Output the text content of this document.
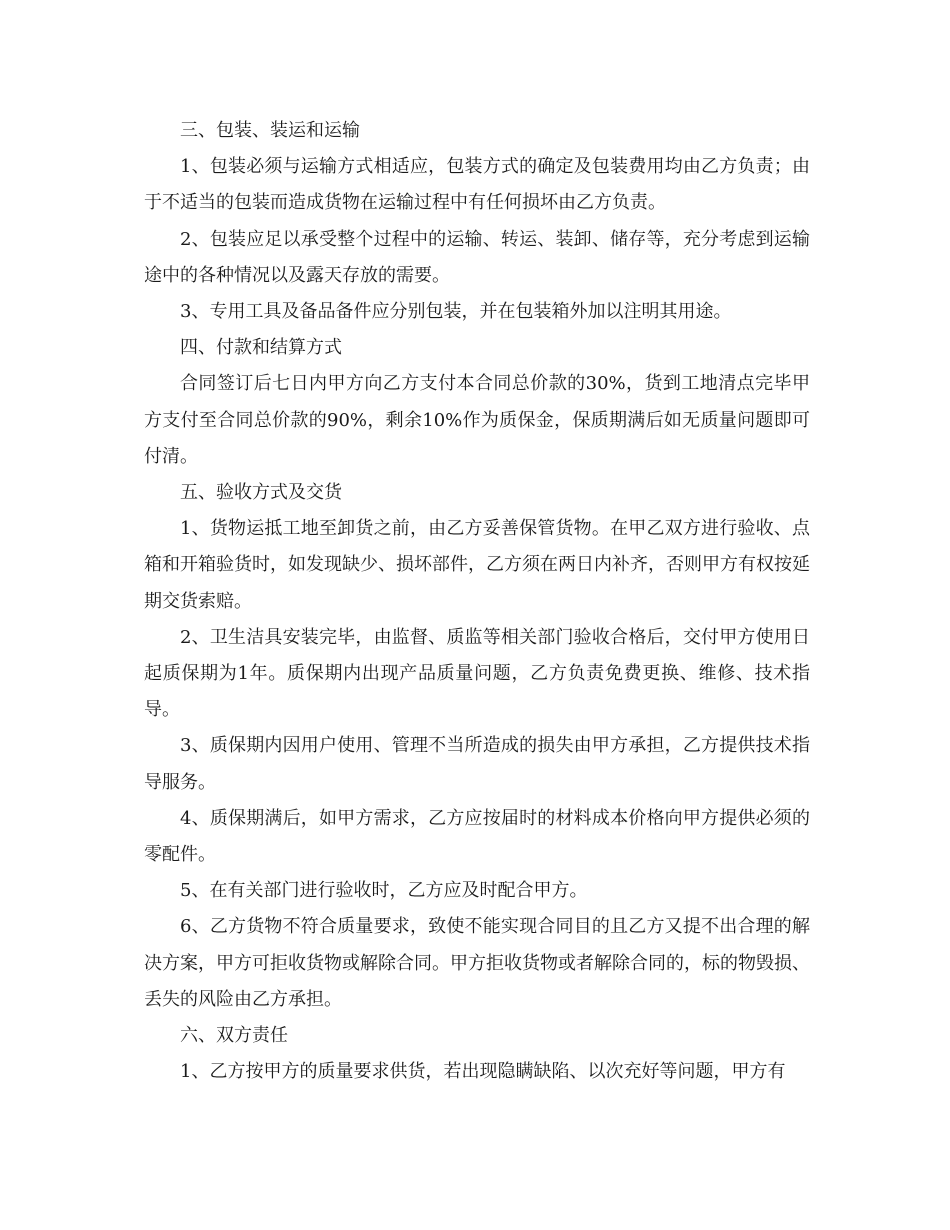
三、包装、装运和运输

1、包装必须与运输方式相适应，包装方式的确定及包装费用均由乙方负责；由于不适当的包装而造成货物在运输过程中有任何损坏由乙方负责。

2、包装应足以承受整个过程中的运输、转运、装卸、储存等，充分考虑到运输途中的各种情况以及露天存放的需要。

3、专用工具及备品备件应分别包装，并在包装箱外加以注明其用途。

四、付款和结算方式

合同签订后七日内甲方向乙方支付本合同总价款的30%，货到工地清点完毕甲方支付至合同总价款的90%，剩余10%作为质保金，保质期满后如无质量问题即可付清。

五、验收方式及交货

1、货物运抵工地至卸货之前，由乙方妥善保管货物。在甲乙双方进行验收、点箱和开箱验货时，如发现缺少、损坏部件，乙方须在两日内补齐，否则甲方有权按延期交货索赔。

2、卫生洁具安装完毕，由监督、质监等相关部门验收合格后，交付甲方使用日起质保期为1年。质保期内出现产品质量问题，乙方负责免费更换、维修、技术指导。

3、质保期内因用户使用、管理不当所造成的损失由甲方承担，乙方提供技术指导服务。

4、质保期满后，如甲方需求，乙方应按届时的材料成本价格向甲方提供必须的零配件。

5、在有关部门进行验收时，乙方应及时配合甲方。

6、乙方货物不符合质量要求，致使不能实现合同目的且乙方又提不出合理的解决方案，甲方可拒收货物或解除合同。甲方拒收货物或者解除合同的，标的物毁损、丢失的风险由乙方承担。

六、双方责任

1、乙方按甲方的质量要求供货，若出现隐瞒缺陷、以次充好等问题，甲方有
